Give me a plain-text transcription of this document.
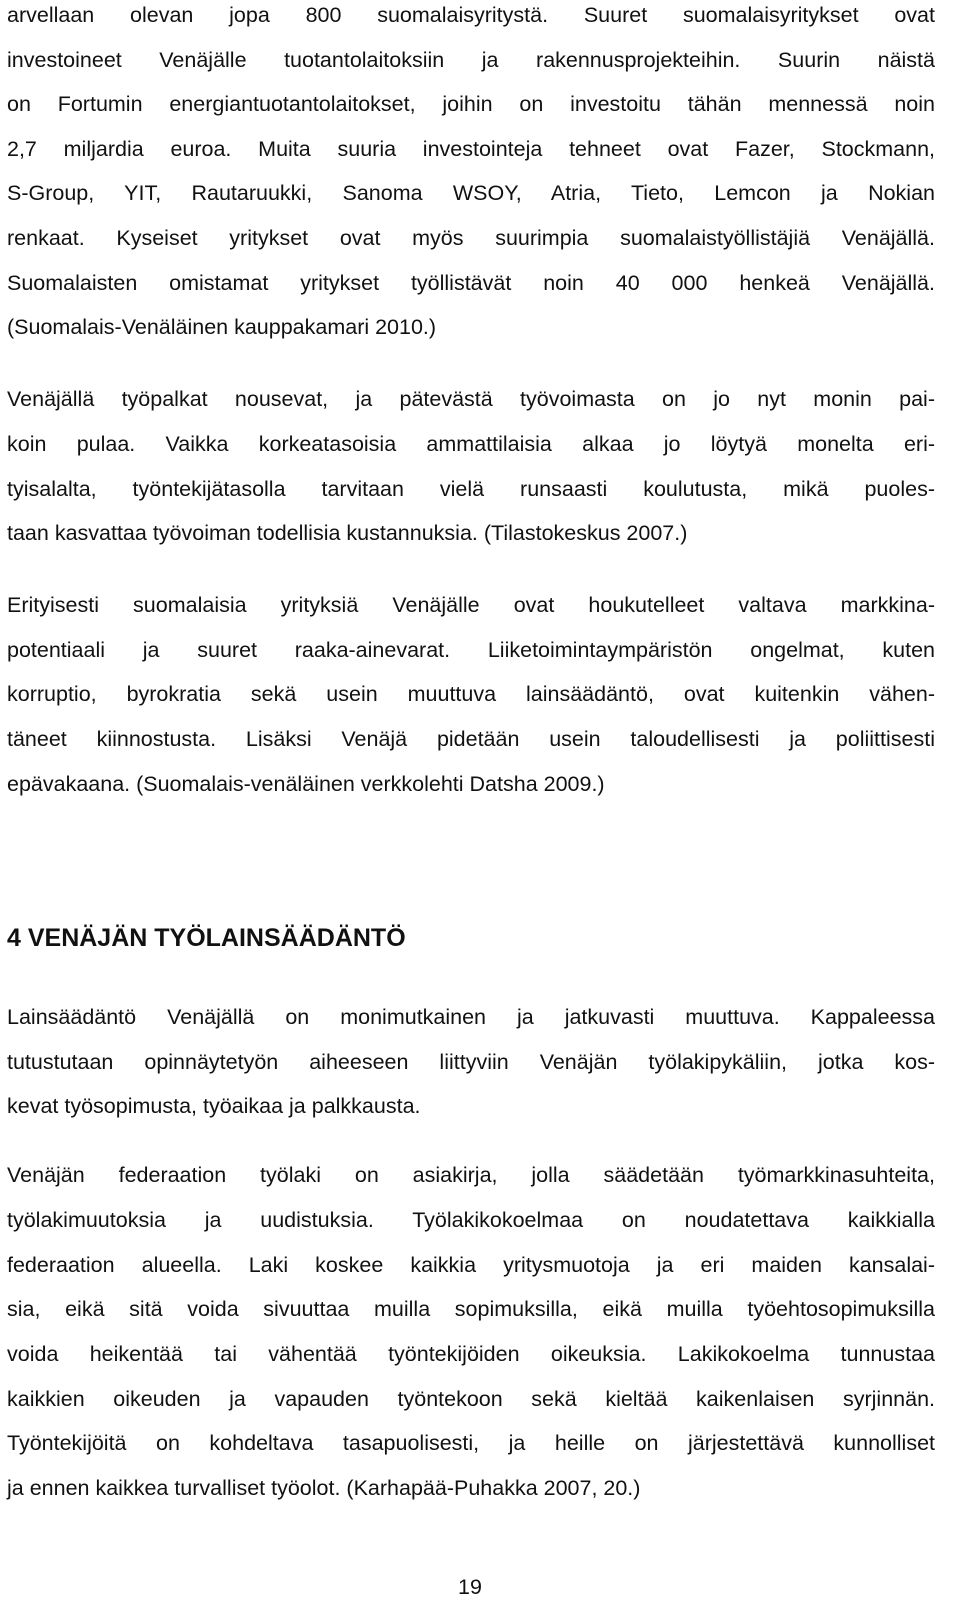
arvellaan olevan jopa 800 suomalaisyritystä. Suuret suomalaisyritykset ovat
investoineet Venäjälle tuotantolaitoksiin ja rakennusprojekteihin. Suurin näistä
on Fortumin energiantuotantolaitokset, joihin on investoitu tähän mennessä noin
2,7 miljardia euroa. Muita suuria investointeja tehneet ovat Fazer, Stockmann,
S-Group, YIT, Rautaruukki, Sanoma WSOY, Atria, Tieto, Lemcon ja Nokian
renkaat. Kyseiset yritykset ovat myös suurimpia suomalaistyöllistäjiä Venäjällä.
Suomalaisten omistamat yritykset työllistävät noin 40 000 henkeä Venäjällä.
(Suomalais-Venäläinen kauppakamari 2010.)
Venäjällä työpalkat nousevat, ja pätevästä työvoimasta on jo nyt monin pai-
koin pulaa. Vaikka korkeatasoisia ammattilaisia alkaa jo löytyä monelta eri-
tyisalalta, työntekijätasolla tarvitaan vielä runsaasti koulutusta, mikä puoles-
taan kasvattaa työvoiman todellisia kustannuksia. (Tilastokeskus 2007.)
Erityisesti suomalaisia yrityksiä Venäjälle ovat houkutelleet valtava markkina-
potentiaali ja suuret raaka-ainevarat. Liiketoimintaympäristön ongelmat, kuten
korruptio, byrokratia sekä usein muuttuva lainsäädäntö, ovat kuitenkin vähen-
täneet kiinnostusta. Lisäksi Venäjä pidetään usein taloudellisesti ja poliittisesti
epävakaana. (Suomalais-venäläinen verkkolehti Datsha 2009.)
4 VENÄJÄN TYÖLAINSÄÄDÄNTÖ
Lainsäädäntö Venäjällä on monimutkainen ja jatkuvasti muuttuva. Kappaleessa
tutustutaan opinnäytetyön aiheeseen liittyviin Venäjän työlakipykäliin, jotka kos-
kevat työsopimusta, työaikaa ja palkkausta.
Venäjän federaation työlaki on asiakirja, jolla säädetään työmarkkinasuhteita,
työlakimuutoksia ja uudistuksia. Työlakikokoelmaa on noudatettava kaikkialla
federaation alueella. Laki koskee kaikkia yritysmuotoja ja eri maiden kansalai-
sia, eikä sitä voida sivuuttaa muilla sopimuksilla, eikä muilla työehtosopimuksilla
voida heikentää tai vähentää työntekijöiden oikeuksia. Lakikokoelma tunnustaa
kaikkien oikeuden ja vapauden työntekoon sekä kieltää kaikenlaisen syrjinnän.
Työntekijöitä on kohdeltava tasapuolisesti, ja heille on järjestettävä kunnolliset
ja ennen kaikkea turvalliset työolot. (Karhapää-Puhakka 2007, 20.)
19
